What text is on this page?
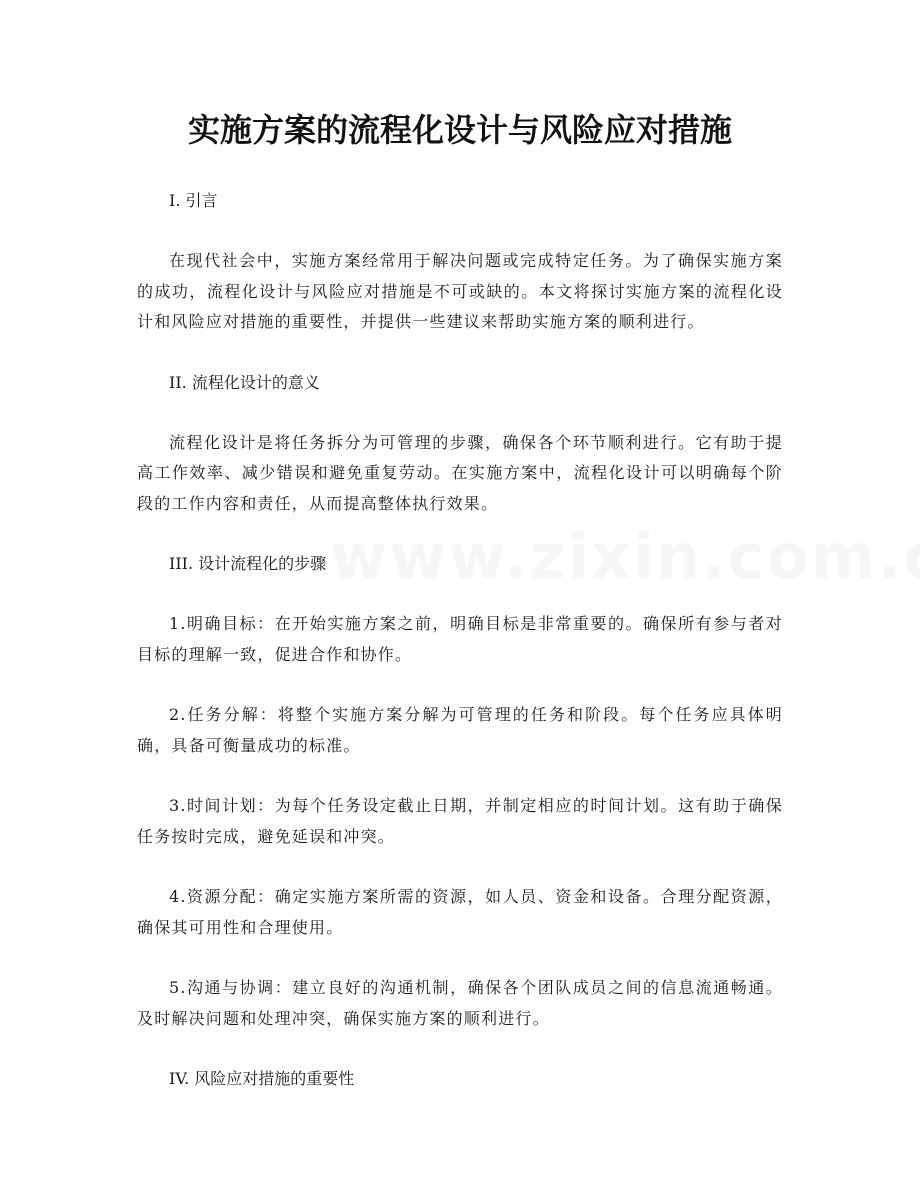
实施方案的流程化设计与风险应对措施

I. 引言

在现代社会中，实施方案经常用于解决问题或完成特定任务。为了确保实施方案的成功，流程化设计与风险应对措施是不可或缺的。本文将探讨实施方案的流程化设计和风险应对措施的重要性，并提供一些建议来帮助实施方案的顺利进行。

II. 流程化设计的意义

流程化设计是将任务拆分为可管理的步骤，确保各个环节顺利进行。它有助于提高工作效率、减少错误和避免重复劳动。在实施方案中，流程化设计可以明确每个阶段的工作内容和责任，从而提高整体执行效果。

III. 设计流程化的步骤

1.明确目标：在开始实施方案之前，明确目标是非常重要的。确保所有参与者对目标的理解一致，促进合作和协作。

2.任务分解：将整个实施方案分解为可管理的任务和阶段。每个任务应具体明确，具备可衡量成功的标准。

3.时间计划：为每个任务设定截止日期，并制定相应的时间计划。这有助于确保任务按时完成，避免延误和冲突。

4.资源分配：确定实施方案所需的资源，如人员、资金和设备。合理分配资源，确保其可用性和合理使用。

5.沟通与协调：建立良好的沟通机制，确保各个团队成员之间的信息流通畅通。及时解决问题和处理冲突，确保实施方案的顺利进行。

IV. 风险应对措施的重要性
